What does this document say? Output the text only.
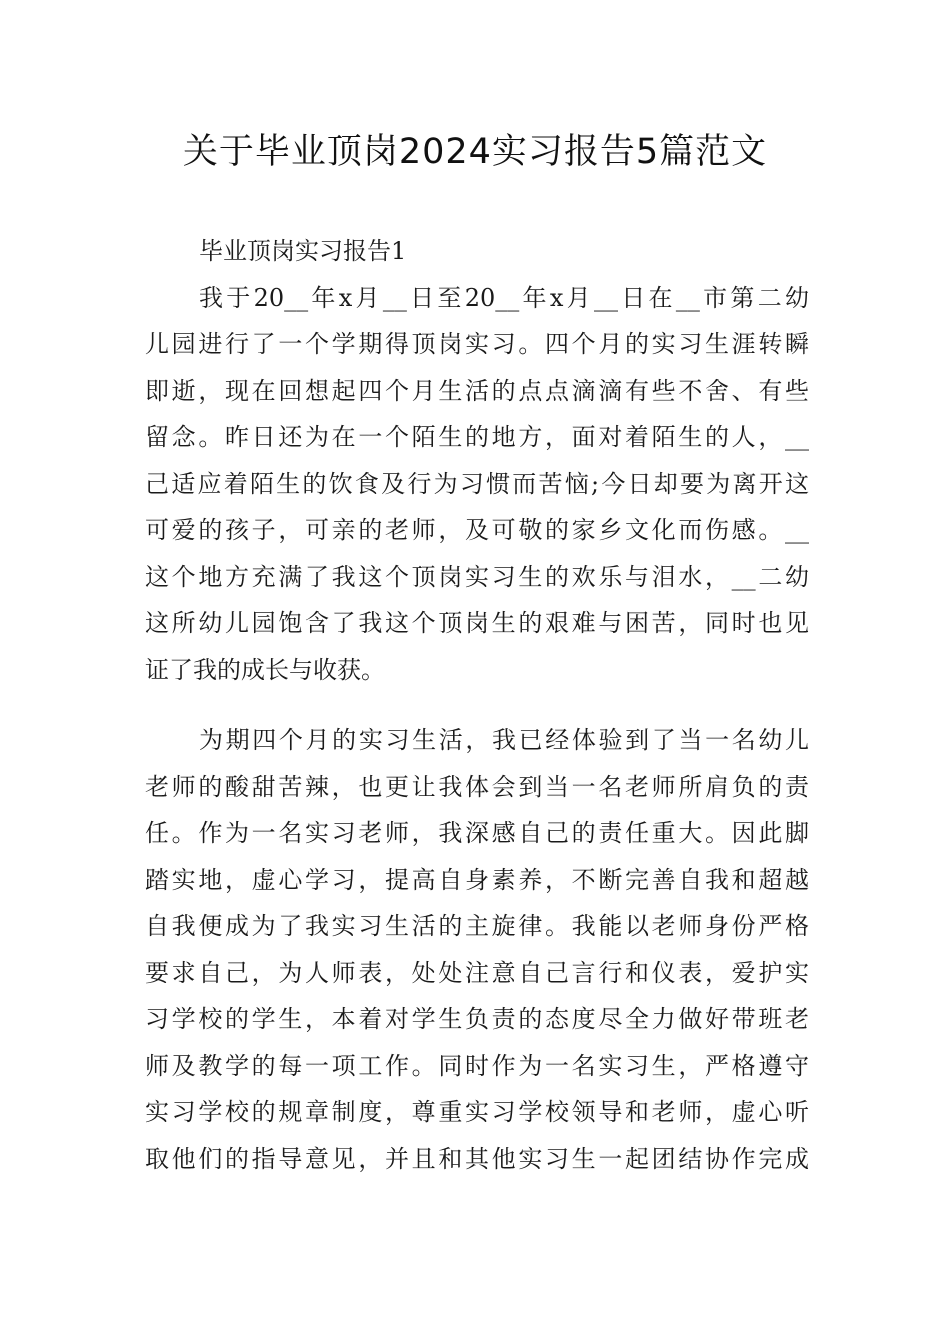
关于毕业顶岗2024实习报告5篇范文
毕业顶岗实习报告1
我于20__年x月__日至20__年x月__日在__市第二幼
儿园进行了一个学期得顶岗实习。四个月的实习生涯转瞬
即逝，现在回想起四个月生活的点点滴滴有些不舍、有些
留念。昨日还为在一个陌生的地方，面对着陌生的人，__
己适应着陌生的饮食及行为习惯而苦恼;今日却要为离开这
可爱的孩子，可亲的老师，及可敬的家乡文化而伤感。__
这个地方充满了我这个顶岗实习生的欢乐与泪水，__二幼
这所幼儿园饱含了我这个顶岗生的艰难与困苦，同时也见
证了我的成长与收获。
为期四个月的实习生活，我已经体验到了当一名幼儿
老师的酸甜苦辣，也更让我体会到当一名老师所肩负的责
任。作为一名实习老师，我深感自己的责任重大。因此脚
踏实地，虚心学习，提高自身素养，不断完善自我和超越
自我便成为了我实习生活的主旋律。我能以老师身份严格
要求自己，为人师表，处处注意自己言行和仪表，爱护实
习学校的学生，本着对学生负责的态度尽全力做好带班老
师及教学的每一项工作。同时作为一名实习生，严格遵守
实习学校的规章制度，尊重实习学校领导和老师，虚心听
取他们的指导意见，并且和其他实习生一起团结协作完成
